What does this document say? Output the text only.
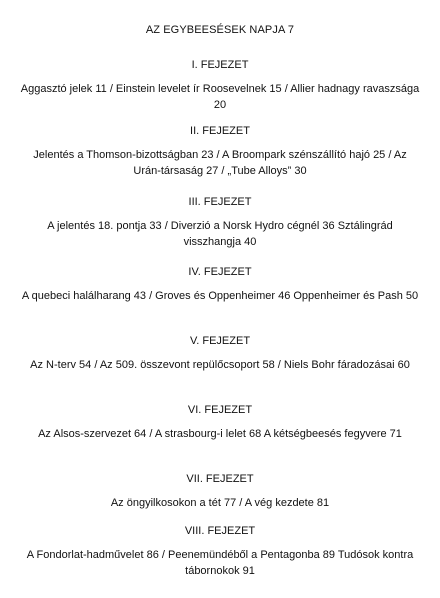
AZ EGYBEESÉSEK NAPJA 7
I. FEJEZET

Aggasztó jelek 11 / Einstein levelet ír Roosevelnek 15 / Allier hadnagy ravaszsága 20

II. FEJEZET

Jelentés a Thomson-bizottságban 23 / A Broompark szénszállító hajó 25 / Az Urán-társaság 27 / „Tube Alloys” 30

III. FEJEZET

A jelentés 18. pontja 33 / Diverzió a Norsk Hydro cégnél 36 Sztálingrád visszhangja 40

IV. FEJEZET

A quebeci halálharang 43 / Groves és Oppenheimer 46 Oppenheimer és Pash 50

V. FEJEZET

Az N-terv 54 / Az 509. összevont repülőcsoport 58 / Niels Bohr fáradozásai 60

VI. FEJEZET

Az Alsos-szervezet 64 / A strasbourg-i lelet 68 A kétségbeesés fegyvere 71

VII. FEJEZET

Az öngyilkosokon a tét 77 / A vég kezdete 81

VIII. FEJEZET

A Fondorlat-hadművelet 86 / Peenemündéből a Pentagonba 89 Tudósok kontra tábornokok 91
